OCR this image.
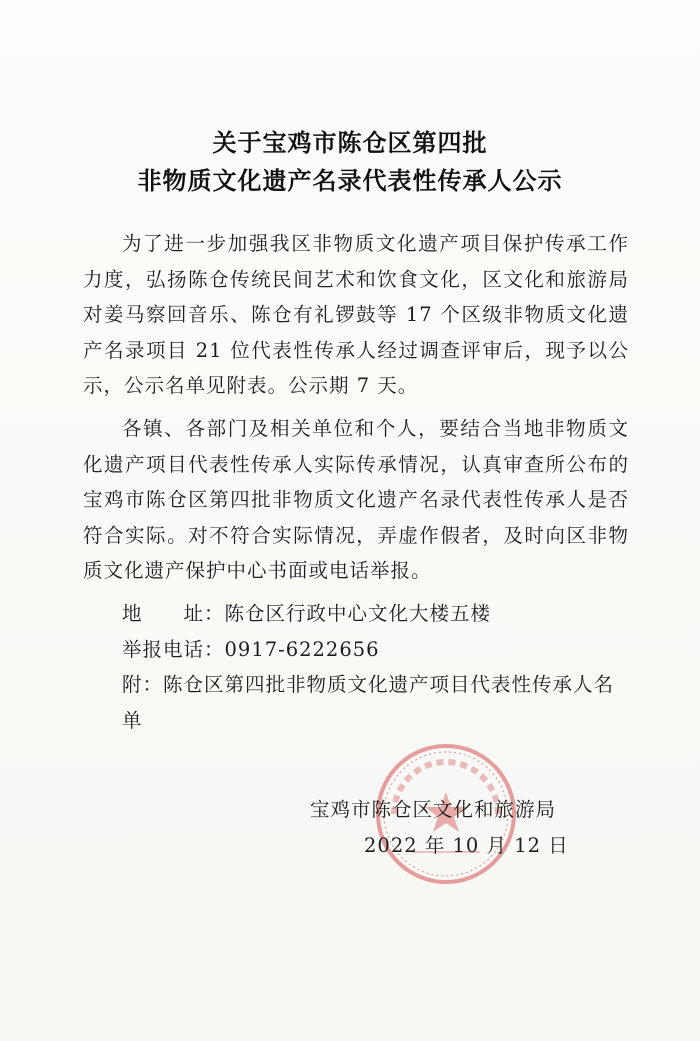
关于宝鸡市陈仓区第四批
非物质文化遗产名录代表性传承人公示

为了进一步加强我区非物质文化遗产项目保护传承工作力度，弘扬陈仓传统民间艺术和饮食文化，区文化和旅游局对姜马察回音乐、陈仓有礼锣鼓等 17 个区级非物质文化遗产名录项目 21 位代表性传承人经过调查评审后，现予以公示，公示名单见附表。公示期 7 天。

各镇、各部门及相关单位和个人，要结合当地非物质文化遗产项目代表性传承人实际传承情况，认真审查所公布的宝鸡市陈仓区第四批非物质文化遗产名录代表性传承人是否符合实际。对不符合实际情况，弄虚作假者，及时向区非物质文化遗产保护中心书面或电话举报。

地　　址：陈仓区行政中心文化大楼五楼

举报电话：0917-6222656

附：陈仓区第四批非物质文化遗产项目代表性传承人名单

宝鸡市陈仓区文化和旅游局
2022 年 10 月 12 日
